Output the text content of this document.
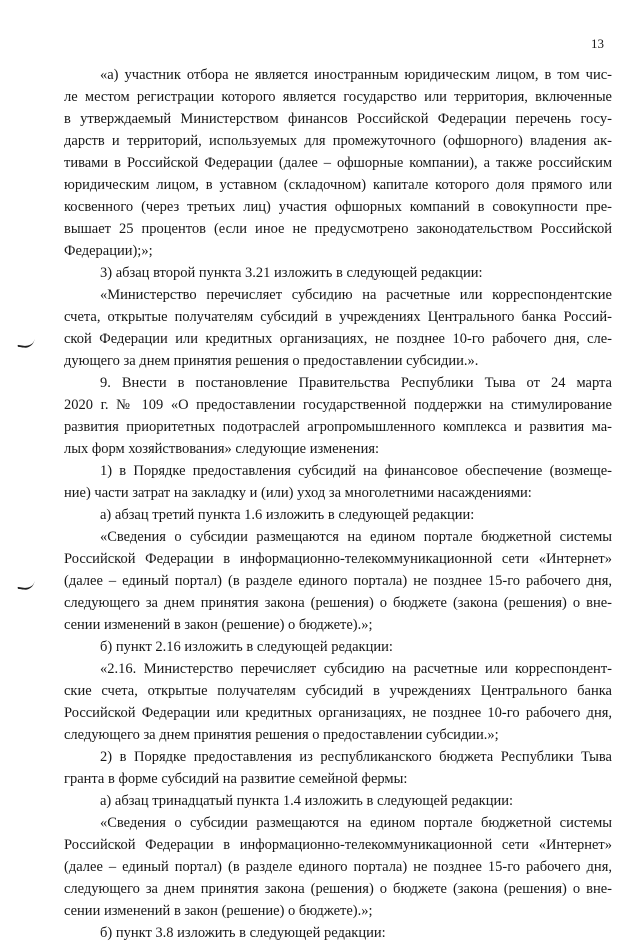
13
«а) участник отбора не является иностранным юридическим лицом, в том чис-
ле местом регистрации которого является государство или территория, включенные
в утверждаемый Министерством финансов Российской Федерации перечень госу-
дарств и территорий, используемых для промежуточного (офшорного) владения ак-
тивами в Российской Федерации (далее – офшорные компании), а также российским
юридическим лицом, в уставном (складочном) капитале которого доля прямого или
косвенного (через третьих лиц) участия офшорных компаний в совокупности пре-
вышает 25 процентов (если иное не предусмотрено законодательством Российской
Федерации);»;
3) абзац второй пункта 3.21 изложить в следующей редакции:
«Министерство перечисляет субсидию на расчетные или корреспондентские
счета, открытые получателям субсидий в учреждениях Центрального банка Россий-
ской Федерации или кредитных организациях, не позднее 10-го рабочего дня, сле-
дующего за днем принятия решения о предоставлении субсидии.».
9. Внести в постановление Правительства Республики Тыва от 24 марта
2020 г. № 109 «О предоставлении государственной поддержки на стимулирование
развития приоритетных подотраслей агропромышленного комплекса и развития ма-
лых форм хозяйствования» следующие изменения:
1) в Порядке предоставления субсидий на финансовое обеспечение (возмеще-
ние) части затрат на закладку и (или) уход за многолетними насаждениями:
а) абзац третий пункта 1.6 изложить в следующей редакции:
«Сведения о субсидии размещаются на едином портале бюджетной системы
Российской Федерации в информационно-телекоммуникационной сети «Интернет»
(далее – единый портал) (в разделе единого портала) не позднее 15-го рабочего дня,
следующего за днем принятия закона (решения) о бюджете (закона (решения) о вне-
сении изменений в закон (решение) о бюджете).»;
б) пункт 2.16 изложить в следующей редакции:
«2.16. Министерство перечисляет субсидию на расчетные или корреспондент-
ские счета, открытые получателям субсидий в учреждениях Центрального банка
Российской Федерации или кредитных организациях, не позднее 10-го рабочего дня,
следующего за днем принятия решения о предоставлении субсидии.»;
2) в Порядке предоставления из республиканского бюджета Республики Тыва
гранта в форме субсидий на развитие семейной фермы:
а) абзац тринадцатый пункта 1.4 изложить в следующей редакции:
«Сведения о субсидии размещаются на едином портале бюджетной системы
Российской Федерации в информационно-телекоммуникационной сети «Интернет»
(далее – единый портал) (в разделе единого портала) не позднее 15-го рабочего дня,
следующего за днем принятия закона (решения) о бюджете (закона (решения) о вне-
сении изменений в закон (решение) о бюджете).»;
б) пункт 3.8 изложить в следующей редакции:
